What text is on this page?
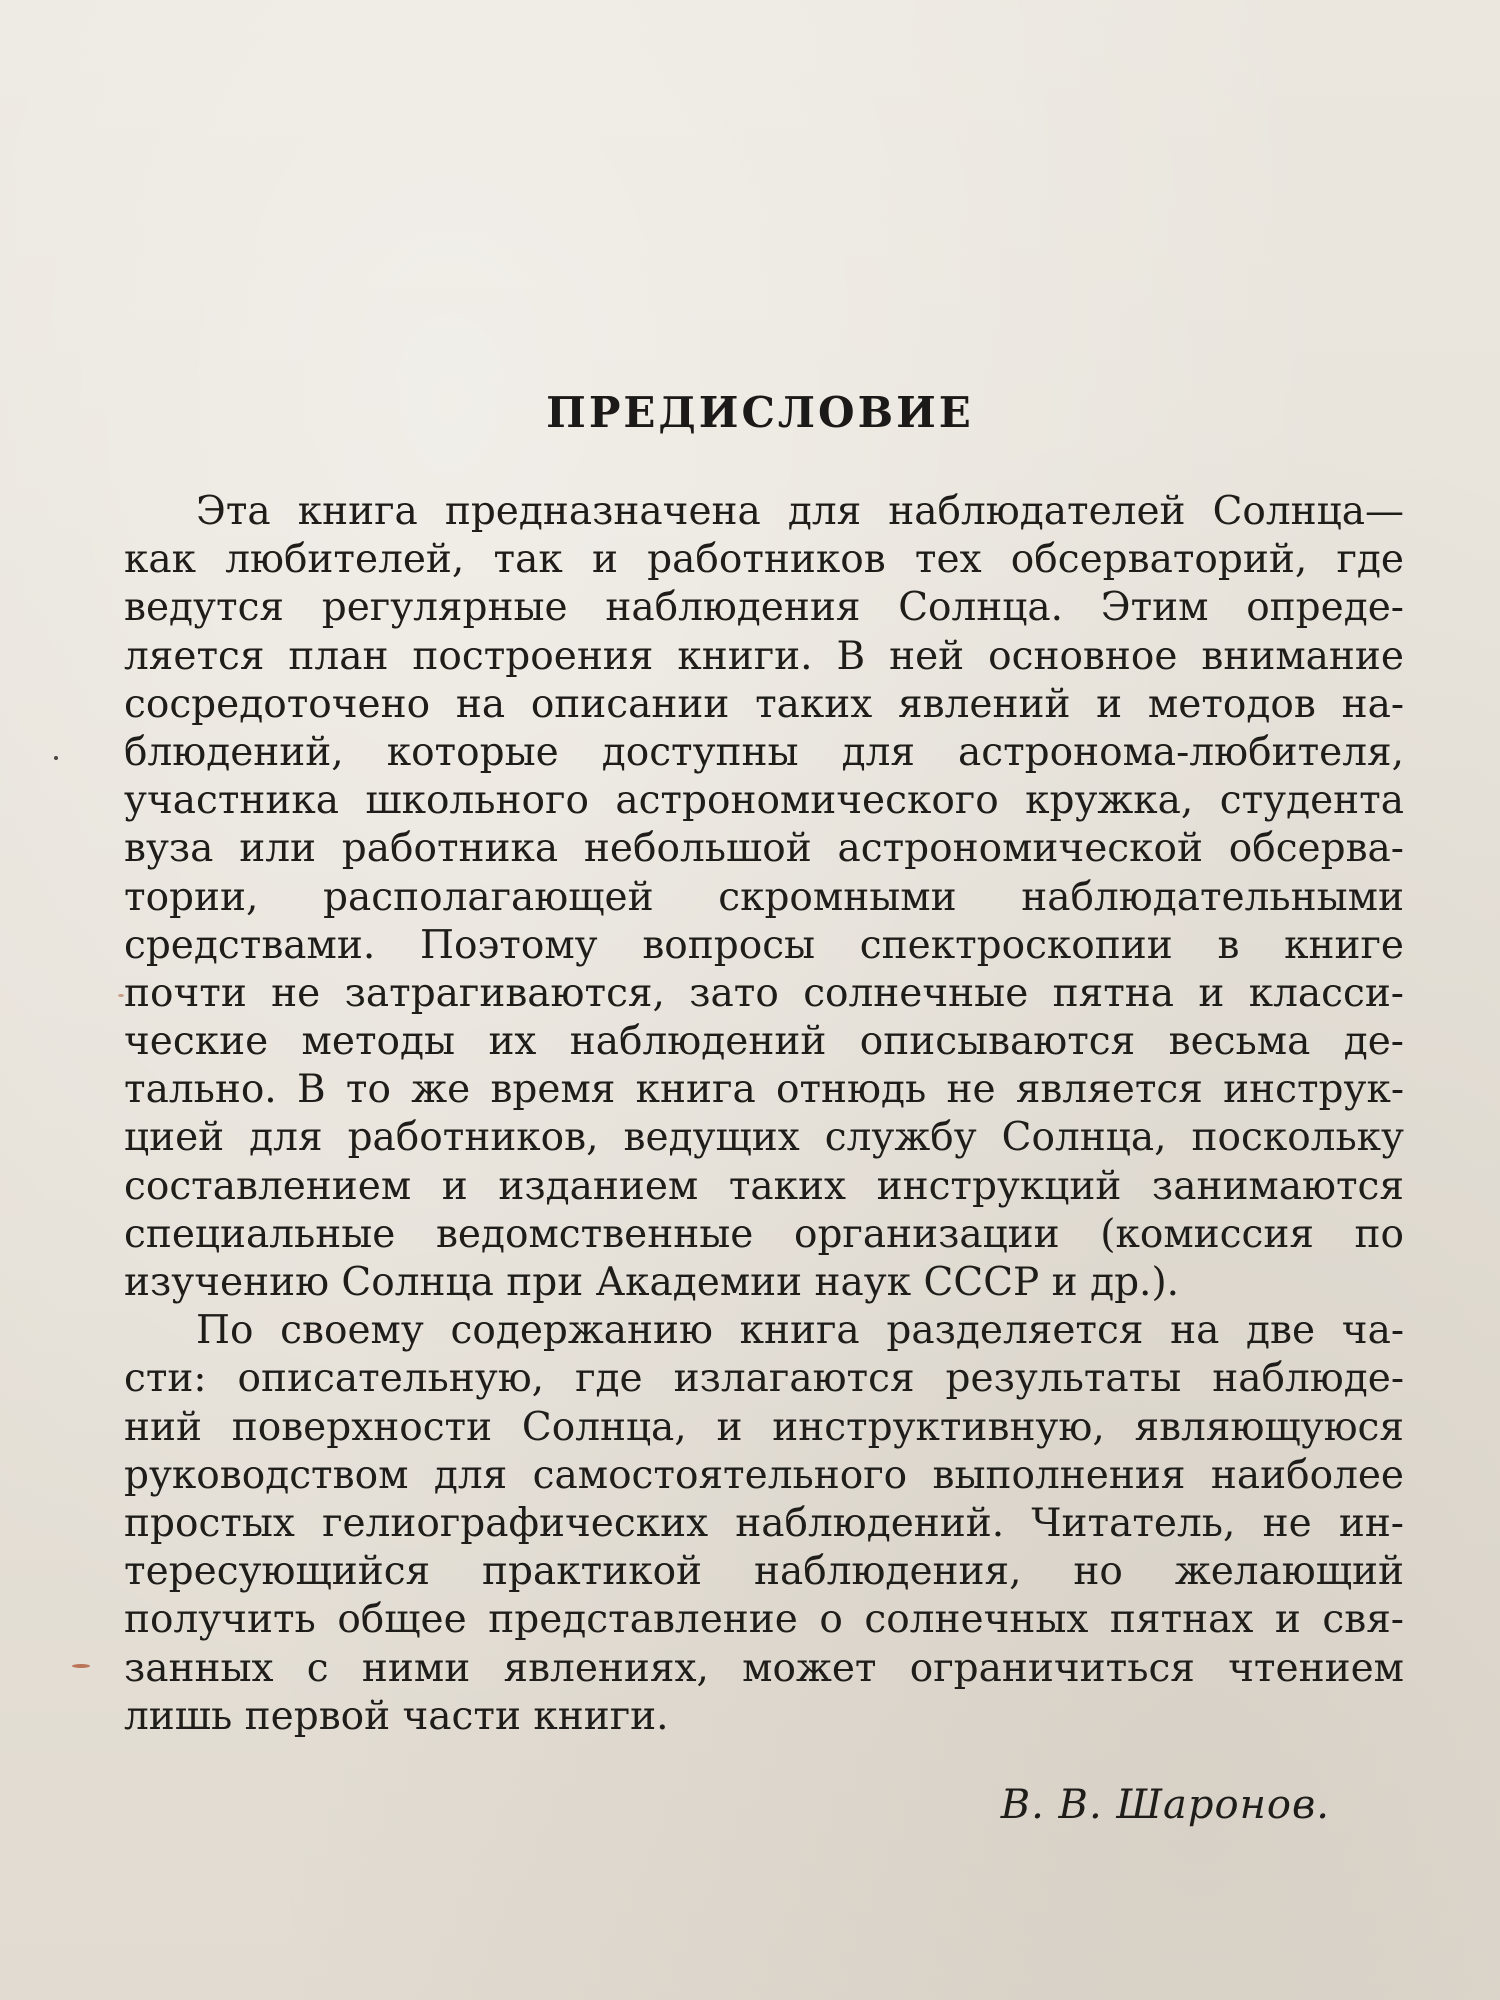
ПРЕДИСЛОВИЕ
Эта книга предназначена для наблюдателей Солнца—
как любителей, так и работников тех обсерваторий, где
ведутся регулярные наблюдения Солнца. Этим опреде-
ляется план построения книги. В ней основное внимание
сосредоточено на описании таких явлений и методов на-
блюдений, которые доступны для астронома-любителя,
участника школьного астрономического кружка, студента
вуза или работника небольшой астрономической обсерва-
тории, располагающей скромными наблюдательными
средствами. Поэтому вопросы спектроскопии в книге
почти не затрагиваются, зато солнечные пятна и класси-
ческие методы их наблюдений описываются весьма де-
тально. В то же время книга отнюдь не является инструк-
цией для работников, ведущих службу Солнца, поскольку
составлением и изданием таких инструкций занимаются
специальные ведомственные организации (комиссия по
изучению Солнца при Академии наук СССР и др.).
По своему содержанию книга разделяется на две ча-
сти: описательную, где излагаются результаты наблюде-
ний поверхности Солнца, и инструктивную, являющуюся
руководством для самостоятельного выполнения наиболее
простых гелиографических наблюдений. Читатель, не ин-
тересующийся практикой наблюдения, но желающий
получить общее представление о солнечных пятнах и свя-
занных с ними явлениях, может ограничиться чтением
лишь первой части книги.
В. В. Шаронов.
